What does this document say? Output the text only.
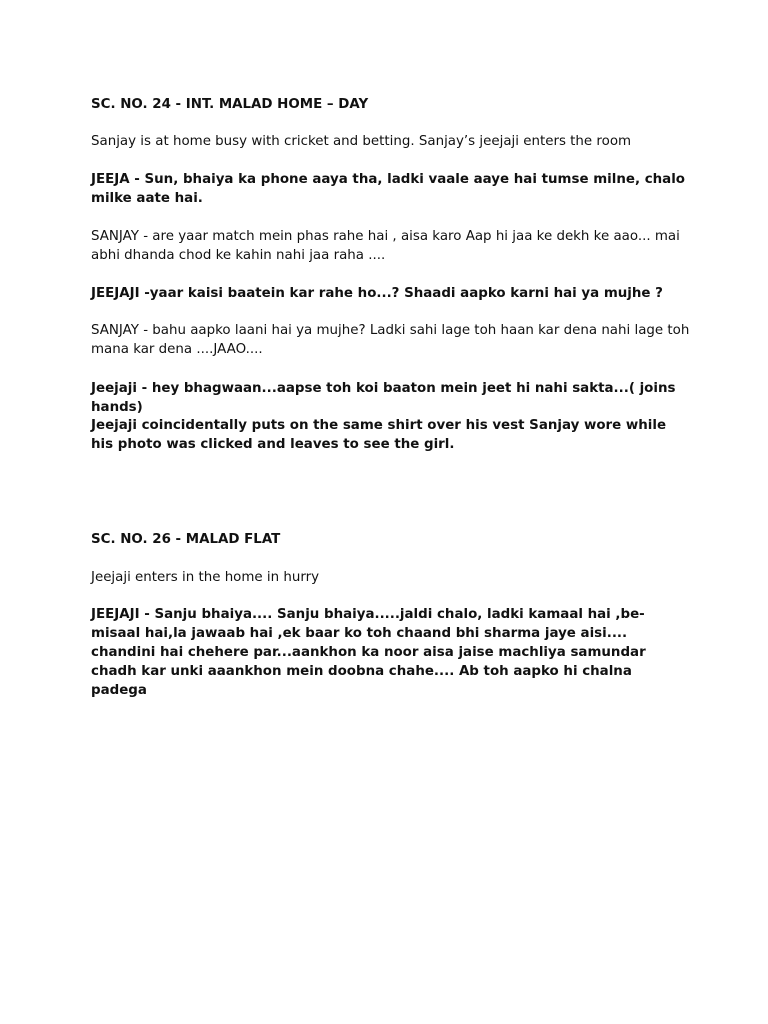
SC. NO. 24 - INT. MALAD HOME – DAY

Sanjay is at home busy with cricket and betting. Sanjay’s jeejaji enters the room

JEEJA - Sun, bhaiya ka phone aaya tha, ladki vaale aaye hai tumse milne, chalo milke aate hai.

SANJAY - are yaar match mein phas rahe hai , aisa karo Aap hi jaa ke dekh ke aao... mai abhi dhanda chod ke kahin nahi jaa raha ....

JEEJAJI -yaar kaisi baatein kar rahe ho...? Shaadi aapko karni hai ya mujhe ?

SANJAY - bahu aapko laani hai ya mujhe? Ladki sahi lage toh haan kar dena nahi lage toh mana kar dena ....JAAO....

Jeejaji - hey bhagwaan...aapse toh koi baaton mein jeet hi nahi sakta...( joins hands)

Jeejaji coincidentally puts on the same shirt over his vest Sanjay wore while his photo was clicked and leaves to see the girl.

SC. NO. 26 - MALAD FLAT

Jeejaji enters in the home in hurry

JEEJAJI - Sanju bhaiya.... Sanju bhaiya.....jaldi chalo, ladki kamaal hai ,be-misaal hai,la jawaab hai ,ek baar ko toh chaand bhi sharma jaye aisi.... chandini hai chehere par...aankhon ka noor aisa jaise machliya samundar chadh kar unki aaankhon mein doobna chahe.... Ab toh aapko hi chalna padega
